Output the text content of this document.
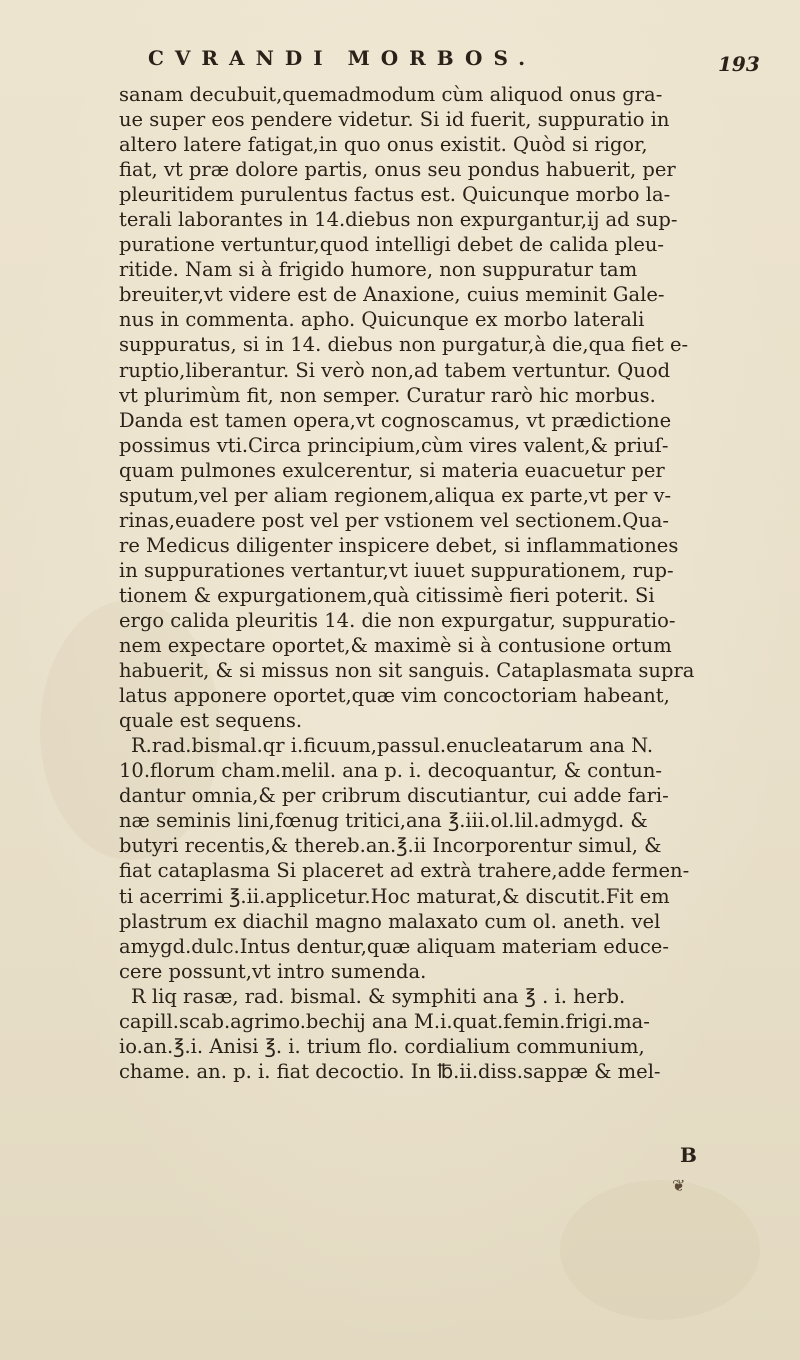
CVRANDI MORBOS.	193
sanam decubuit,quemadmodum cùm aliquod onus gra-
ue super eos pendere videtur. Si id fuerit, suppuratio in
altero latere fatigat,in quo onus existit. Quòd si rigor,
fiat, vt præ dolore partis, onus seu pondus habuerit, per
pleuritidem purulentus factus est. Quicunque morbo la-
terali laborantes in 14.diebus non expurgantur,ij ad sup-
puratione vertuntur,quod intelligi debet de calida pleu-
ritide. Nam si à frigido humore, non suppuratur tam
breuiter,vt videre est de Anaxione, cuius meminit Gale-
nus in commenta. apho. Quicunque ex morbo laterali
suppuratus, si in 14. diebus non purgatur,à die,qua fiet e-
ruptio,liberantur. Si verò non,ad tabem vertuntur. Quod
vt plurimùm fit, non semper. Curatur rarò hic morbus.
Danda est tamen opera,vt cognoscamus, vt prædictione
possimus vti.Circa principium,cùm vires valent,& priuſ-
quam pulmones exulcerentur, si materia euacuetur per
sputum,vel per aliam regionem,aliqua ex parte,vt per v-
rinas,euadere post vel per vstionem vel sectionem.Qua-
re Medicus diligenter inspicere debet, si inflammationes
in suppurationes vertantur,vt iuuet suppurationem, rup-
tionem & expurgationem,quà citissimè fieri poterit. Si
ergo calida pleuritis 14. die non expurgatur, suppuratio-
nem expectare oportet,& maximè si à contusione ortum
habuerit, & si missus non sit sanguis. Cataplasmata supra
latus apponere oportet,quæ vim concoctoriam habeant,
quale est sequens.
R.rad.bismal.qr i.ficuum,passul.enucleatarum ana N.
10.florum cham.melil. ana p. i. decoquantur, & contun-
dantur omnia,& per cribrum discutiantur, cui adde fari-
næ seminis lini,fœnug tritici,ana ℥.iii.ol.lil.admygd. &
butyri recentis,& thereb.an.℥.ii Incorporentur simul, &
fiat cataplasma Si placeret ad extrà trahere,adde fermen-
ti acerrimi ℥.ii.applicetur.Hoc maturat,& discutit.Fit em
plastrum ex diachil magno malaxato cum ol. aneth. vel
amygd.dulc.Intus dentur,quæ aliquam materiam educe-
cere possunt,vt intro sumenda.
R liq rasæ, rad. bismal. & symphiti ana ℥ . i. herb.
capill.scab.agrimo.bechij ana M.i.quat.femin.frigi.ma-
io.an.℥.i. Anisi ℥. i. trium flo. cordialium communium,
chame. an. p. i. fiat decoctio. In ℔.ii.diss.sappæ & mel-
B
❦
